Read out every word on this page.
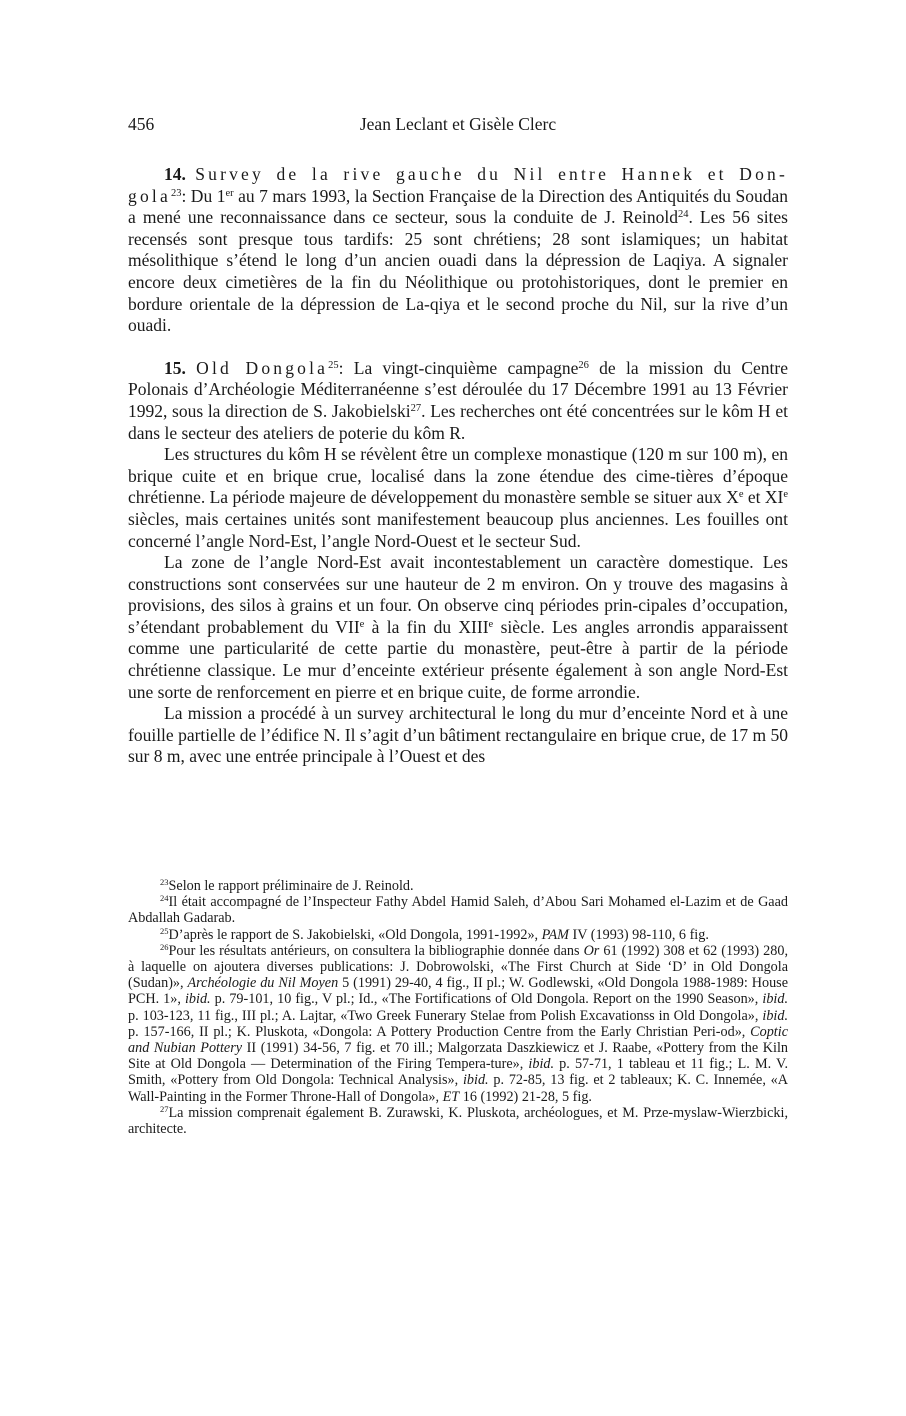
456	Jean Leclant et Gisèle Clerc

14. Survey de la rive gauche du Nil entre Hannek et Don-gola$^{23}$: Du 1er au 7 mars 1993, la Section Française de la Direction des Antiquités du Soudan a mené une reconnaissance dans ce secteur, sous la conduite de J. Reinold$^{24}$. Les 56 sites recensés sont presque tous tardifs: 25 sont chrétiens; 28 sont islamiques; un habitat mésolithique s’étend le long d’un ancien ouadi dans la dépression de Laqiya. A signaler encore deux cimetières de la fin du Néolithique ou protohistoriques, dont le premier en bordure orientale de la dépression de La-qiya et le second proche du Nil, sur la rive d’un ouadi.

15. Old Dongola$^{25}$: La vingt-cinquième campagne$^{26}$ de la mission du Centre Polonais d’Archéologie Méditerranéenne s’est déroulée du 17 Décembre 1991 au 13 Février 1992, sous la direction de S. Jakobielski$^{27}$. Les recherches ont été concentrées sur le kôm H et dans le secteur des ateliers de poterie du kôm R.

Les structures du kôm H se révèlent être un complexe monastique (120 m sur 100 m), en brique cuite et en brique crue, localisé dans la zone étendue des cime-tières d’époque chrétienne. La période majeure de développement du monastère semble se situer aux Xe et XIe siècles, mais certaines unités sont manifestement beaucoup plus anciennes. Les fouilles ont concerné l’angle Nord-Est, l’angle Nord-Ouest et le secteur Sud.

La zone de l’angle Nord-Est avait incontestablement un caractère domestique. Les constructions sont conservées sur une hauteur de 2 m environ. On y trouve des magasins à provisions, des silos à grains et un four. On observe cinq périodes prin-cipales d’occupation, s’étendant probablement du VIIe à la fin du XIIIe siècle. Les angles arrondis apparaissent comme une particularité de cette partie du monastère, peut-être à partir de la période chrétienne classique. Le mur d’enceinte extérieur présente également à son angle Nord-Est une sorte de renforcement en pierre et en brique cuite, de forme arrondie.

La mission a procédé à un survey architectural le long du mur d’enceinte Nord et à une fouille partielle de l’édifice N. Il s’agit d’un bâtiment rectangulaire en brique crue, de 17 m 50 sur 8 m, avec une entrée principale à l’Ouest et des

$^{23}$Selon le rapport préliminaire de J. Reinold.

$^{24}$Il était accompagné de l’Inspecteur Fathy Abdel Hamid Saleh, d’Abou Sari Mohamed el-Lazim et de Gaad Abdallah Gadarab.

$^{25}$D’après le rapport de S. Jakobielski, «Old Dongola, 1991-1992», PAM IV (1993) 98-110, 6 fig.

$^{26}$Pour les résultats antérieurs, on consultera la bibliographie donnée dans Or 61 (1992) 308 et 62 (1993) 280, à laquelle on ajoutera diverses publications: J. Dobrowolski, «The First Church at Side ‘D’ in Old Dongola (Sudan)», Archéologie du Nil Moyen 5 (1991) 29-40, 4 fig., II pl.; W. Godlewski, «Old Dongola 1988-1989: House PCH. 1», ibid. p. 79-101, 10 fig., V pl.; Id., «The Fortifications of Old Dongola. Report on the 1990 Season», ibid. p. 103-123, 11 fig., III pl.; A. Lajtar, «Two Greek Funerary Stelae from Polish Excavationss in Old Dongola», ibid. p. 157-166, II pl.; K. Pluskota, «Dongola: A Pottery Production Centre from the Early Christian Peri-od», Coptic and Nubian Pottery II (1991) 34-56, 7 fig. et 70 ill.; Malgorzata Daszkiewicz et J. Raabe, «Pottery from the Kiln Site at Old Dongola — Determination of the Firing Tempera-ture», ibid. p. 57-71, 1 tableau et 11 fig.; L. M. V. Smith, «Pottery from Old Dongola: Technical Analysis», ibid. p. 72-85, 13 fig. et 2 tableaux; K. C. Innemée, «A Wall-Painting in the Former Throne-Hall of Dongola», ET 16 (1992) 21-28, 5 fig.

$^{27}$La mission comprenait également B. Zurawski, K. Pluskota, archéologues, et M. Prze-myslaw-Wierzbicki, architecte.
